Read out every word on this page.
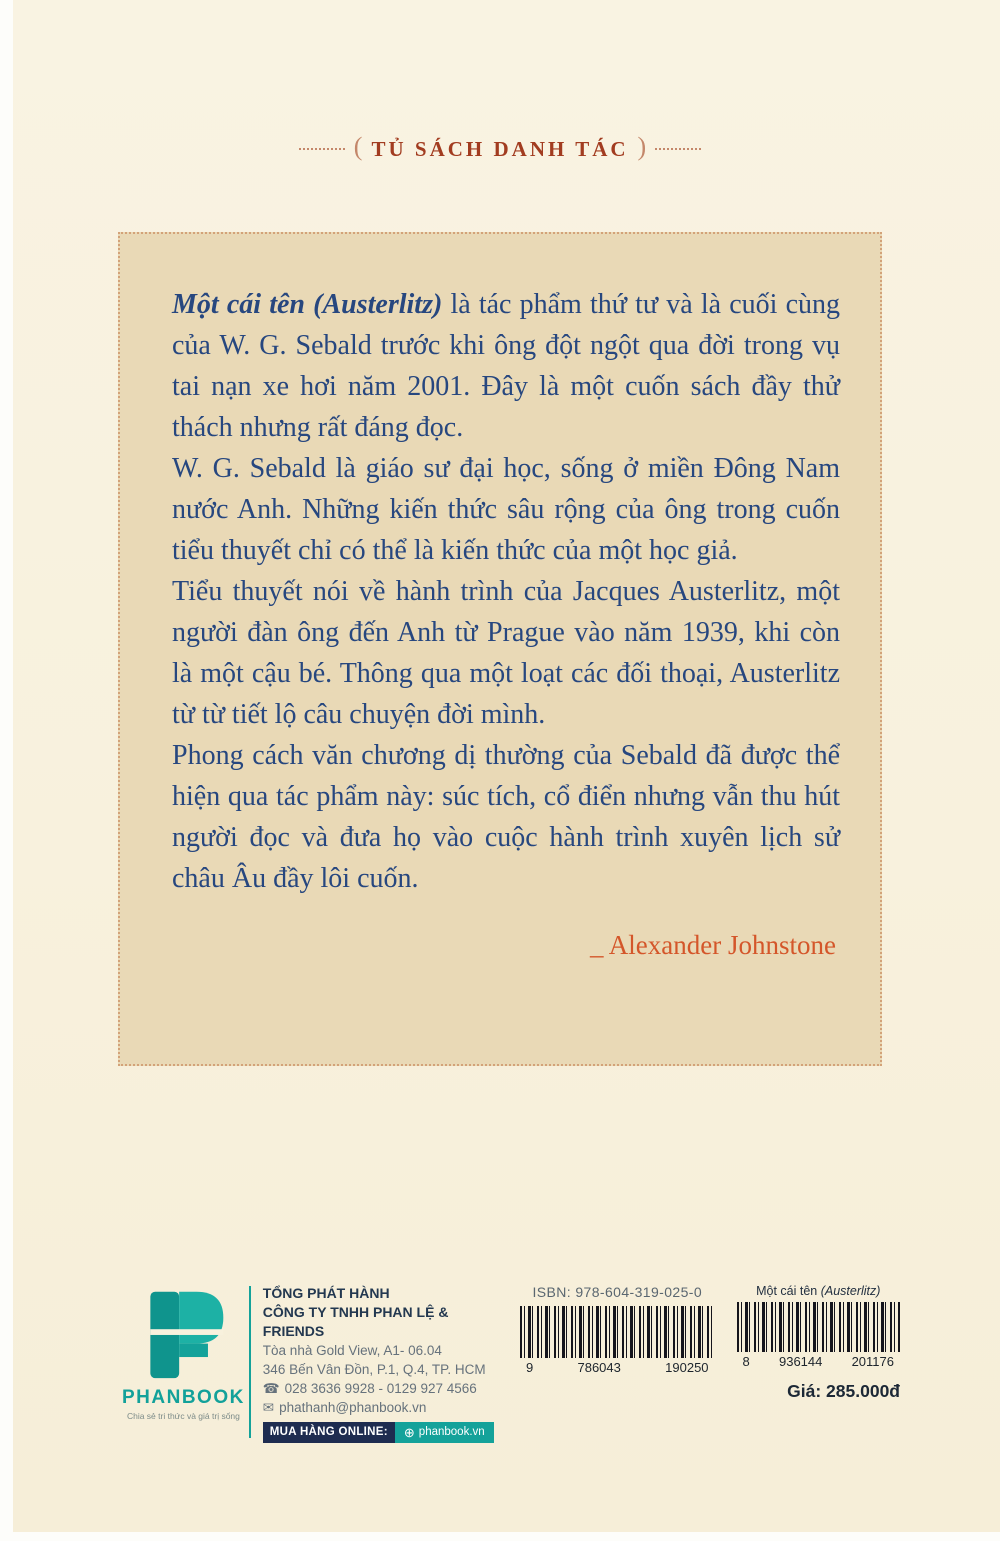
( TỦ SÁCH DANH TÁC )

Một cái tên (Austerlitz) là tác phẩm thứ tư và là cuối cùng của W. G. Sebald trước khi ông đột ngột qua đời trong vụ tai nạn xe hơi năm 2001. Đây là một cuốn sách đầy thử thách nhưng rất đáng đọc.

W. G. Sebald là giáo sư đại học, sống ở miền Đông Nam nước Anh. Những kiến thức sâu rộng của ông trong cuốn tiểu thuyết chỉ có thể là kiến thức của một học giả.

Tiểu thuyết nói về hành trình của Jacques Austerlitz, một người đàn ông đến Anh từ Prague vào năm 1939, khi còn là một cậu bé. Thông qua một loạt các đối thoại, Austerlitz từ từ tiết lộ câu chuyện đời mình.

Phong cách văn chương dị thường của Sebald đã được thể hiện qua tác phẩm này: súc tích, cổ điển nhưng vẫn thu hút người đọc và đưa họ vào cuộc hành trình xuyên lịch sử châu Âu đầy lôi cuốn.

_ Alexander Johnstone
PHANBOOK
Chia sẻ tri thức và giá trị sống
TỔNG PHÁT HÀNH
CÔNG TY TNHH PHAN LỆ & FRIENDS
Tòa nhà Gold View, A1- 06.04
346 Bến Vân Đồn, P.1, Q.4, TP. HCM
☎ 028 3636 9928 - 0129 927 4566
✉ phathanh@phanbook.vn
MUA HÀNG ONLINE:	⊕ phanbook.vn
ISBN: 978-604-319-025-0
9	786043	190250
Một cái tên (Austerlitz)
8 936144 201176
Giá: 285.000đ
